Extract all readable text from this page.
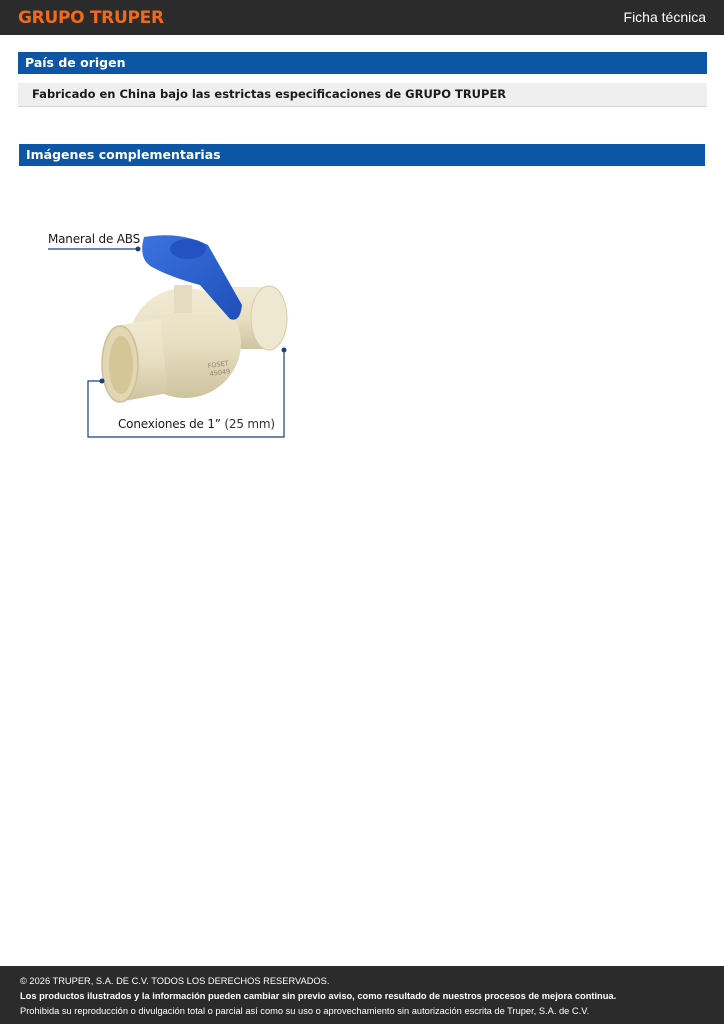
GRUPO TRUPER	Ficha técnica
País de origen
Fabricado en China bajo las estrictas especificaciones de GRUPO TRUPER
Imágenes complementarias
FOSET
45049
Maneral de ABS
Conexiones de 1” (25 mm)
© 2026 TRUPER, S.A. DE C.V. TODOS LOS DERECHOS RESERVADOS.
Los productos ilustrados y la información pueden cambiar sin previo aviso, como resultado de nuestros procesos de mejora continua.
Prohibida su reproducción o divulgación total o parcial así como su uso o aprovechamiento sin autorización escrita de Truper, S.A. de C.V.
